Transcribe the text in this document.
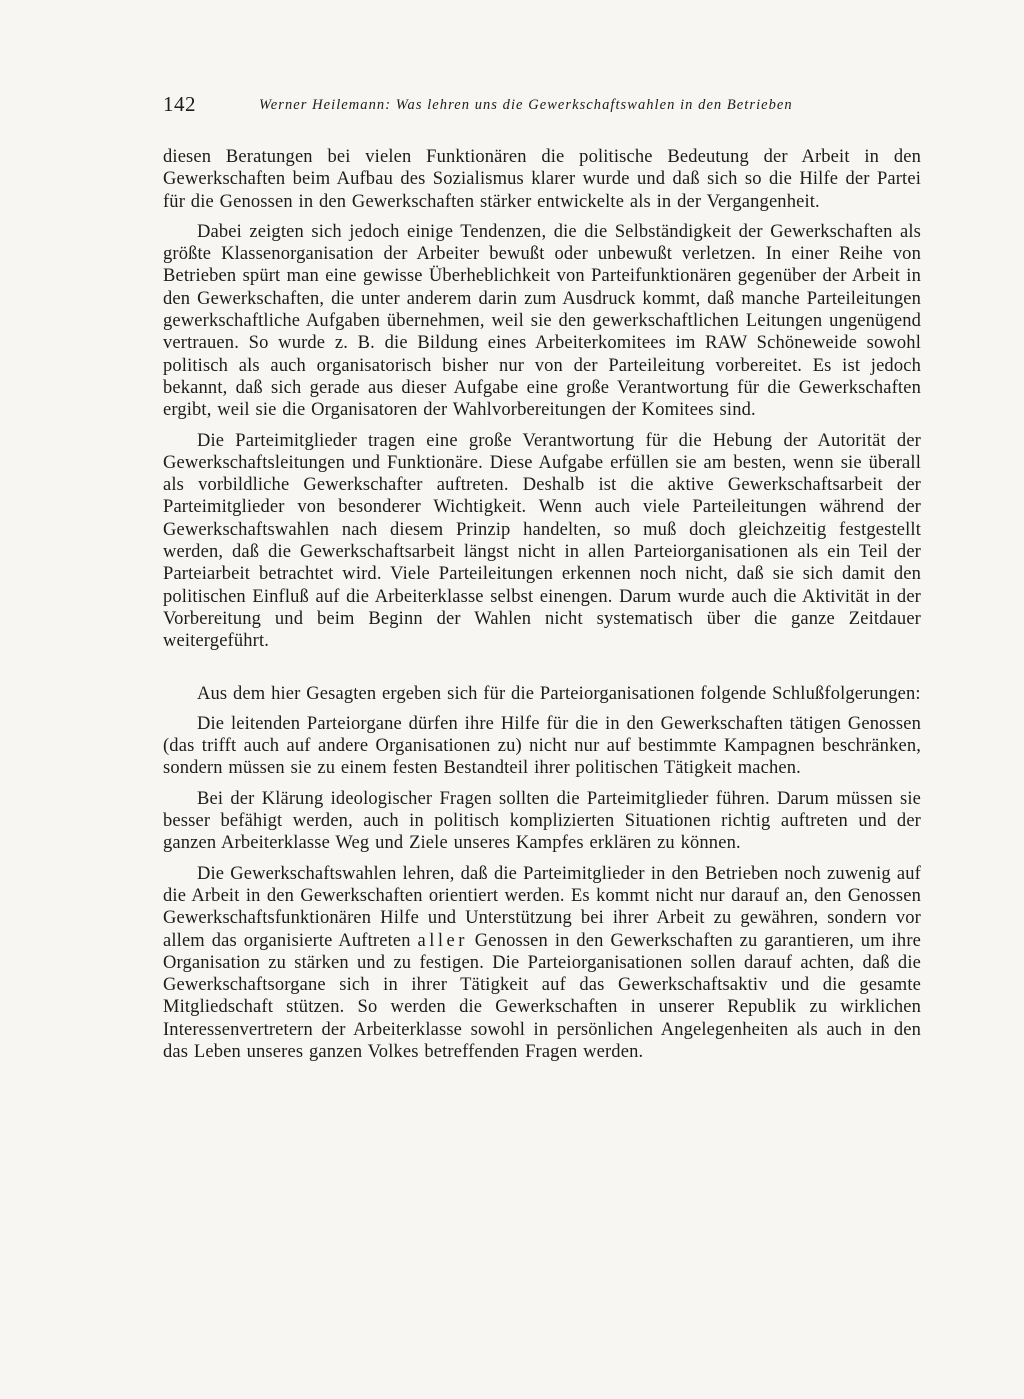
142	Werner Heilemann: Was lehren uns die Gewerkschaftswahlen in den Betrieben

diesen Beratungen bei vielen Funktionären die politische Bedeutung der Arbeit in den Gewerkschaften beim Aufbau des Sozialismus klarer wurde und daß sich so die Hilfe der Partei für die Genossen in den Gewerkschaften stärker entwickelte als in der Vergangenheit.

Dabei zeigten sich jedoch einige Tendenzen, die die Selbständigkeit der Gewerkschaften als größte Klassenorganisation der Arbeiter bewußt oder unbewußt verletzen. In einer Reihe von Betrieben spürt man eine gewisse Überheblichkeit von Parteifunktionären gegenüber der Arbeit in den Gewerkschaften, die unter anderem darin zum Ausdruck kommt, daß manche Parteileitungen gewerkschaftliche Aufgaben übernehmen, weil sie den gewerkschaftlichen Leitungen ungenügend vertrauen. So wurde z. B. die Bildung eines Arbeiterkomitees im RAW Schöneweide sowohl politisch als auch organisatorisch bisher nur von der Parteileitung vorbereitet. Es ist jedoch bekannt, daß sich gerade aus dieser Aufgabe eine große Verantwortung für die Gewerkschaften ergibt, weil sie die Organisatoren der Wahlvorbereitungen der Komitees sind.

Die Parteimitglieder tragen eine große Verantwortung für die Hebung der Autorität der Gewerkschaftsleitungen und Funktionäre. Diese Aufgabe erfüllen sie am besten, wenn sie überall als vorbildliche Gewerkschafter auftreten. Deshalb ist die aktive Gewerkschaftsarbeit der Parteimitglieder von besonderer Wichtigkeit. Wenn auch viele Parteileitungen während der Gewerkschaftswahlen nach diesem Prinzip handelten, so muß doch gleichzeitig festgestellt werden, daß die Gewerkschaftsarbeit längst nicht in allen Parteiorganisationen als ein Teil der Parteiarbeit betrachtet wird. Viele Parteileitungen erkennen noch nicht, daß sie sich damit den politischen Einfluß auf die Arbeiterklasse selbst einengen. Darum wurde auch die Aktivität in der Vorbereitung und beim Beginn der Wahlen nicht systematisch über die ganze Zeitdauer weitergeführt.

Aus dem hier Gesagten ergeben sich für die Parteiorganisationen folgende Schlußfolgerungen:

Die leitenden Parteiorgane dürfen ihre Hilfe für die in den Gewerkschaften tätigen Genossen (das trifft auch auf andere Organisationen zu) nicht nur auf bestimmte Kampagnen beschränken, sondern müssen sie zu einem festen Bestandteil ihrer politischen Tätigkeit machen.

Bei der Klärung ideologischer Fragen sollten die Parteimitglieder führen. Darum müssen sie besser befähigt werden, auch in politisch komplizierten Situationen richtig auftreten und der ganzen Arbeiterklasse Weg und Ziele unseres Kampfes erklären zu können.

Die Gewerkschaftswahlen lehren, daß die Parteimitglieder in den Betrieben noch zuwenig auf die Arbeit in den Gewerkschaften orientiert werden. Es kommt nicht nur darauf an, den Genossen Gewerkschaftsfunktionären Hilfe und Unterstützung bei ihrer Arbeit zu gewähren, sondern vor allem das organisierte Auftreten aller Genossen in den Gewerkschaften zu garantieren, um ihre Organisation zu stärken und zu festigen. Die Parteiorganisationen sollen darauf achten, daß die Gewerkschaftsorgane sich in ihrer Tätigkeit auf das Gewerkschaftsaktiv und die gesamte Mitgliedschaft stützen. So werden die Gewerkschaften in unserer Republik zu wirklichen Interessenvertretern der Arbeiterklasse sowohl in persönlichen Angelegenheiten als auch in den das Leben unseres ganzen Volkes betreffenden Fragen werden.
